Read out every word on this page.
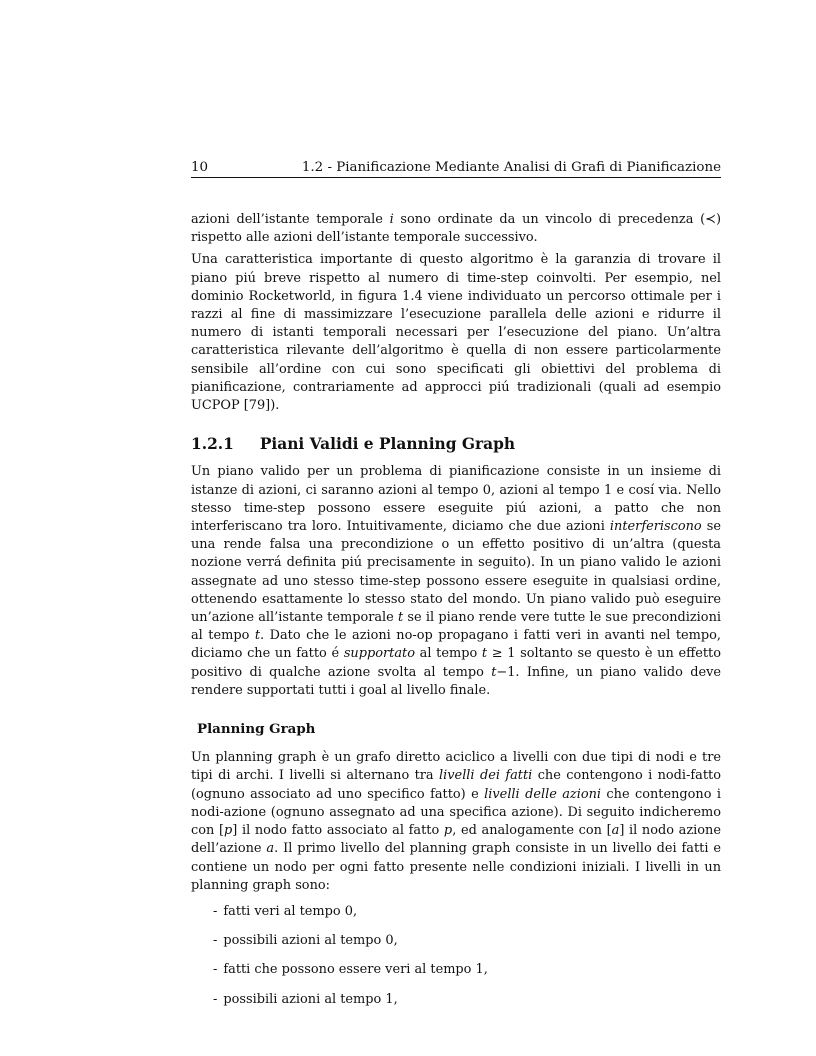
10	1.2 - Pianificazione Mediante Analisi di Grafi di Pianificazione

azioni dell’istante temporale i sono ordinate da un vincolo di precedenza (≺) rispetto alle azioni dell’istante temporale successivo.

Una caratteristica importante di questo algoritmo è la garanzia di trovare il piano piú breve rispetto al numero di time-step coinvolti. Per esempio, nel dominio Rocketworld, in figura 1.4 viene individuato un percorso ottimale per i razzi al fine di massimizzare l’esecuzione parallela delle azioni e ridurre il numero di istanti temporali necessari per l’esecuzione del piano. Un’altra caratteristica rilevante dell’algoritmo è quella di non essere particolarmente sensibile all’ordine con cui sono specificati gli obiettivi del problema di pianificazione, contrariamente ad approcci piú tradizionali (quali ad esempio UCPOP [79]).

1.2.1 Piani Validi e Planning Graph

Un piano valido per un problema di pianificazione consiste in un insieme di istanze di azioni, ci saranno azioni al tempo 0, azioni al tempo 1 e cosí via. Nello stesso time-step possono essere eseguite piú azioni, a patto che non interferiscano tra loro. Intuitivamente, diciamo che due azioni interferiscono se una rende falsa una precondizione o un effetto positivo di un’altra (questa nozione verrá definita piú precisamente in seguito). In un piano valido le azioni assegnate ad uno stesso time-step possono essere eseguite in qualsiasi ordine, ottenendo esattamente lo stesso stato del mondo. Un piano valido può eseguire un’azione all’istante temporale t se il piano rende vere tutte le sue precondizioni al tempo t. Dato che le azioni no-op propagano i fatti veri in avanti nel tempo, diciamo che un fatto é supportato al tempo t ≥ 1 soltanto se questo è un effetto positivo di qualche azione svolta al tempo t−1. Infine, un piano valido deve rendere supportati tutti i goal al livello finale.

Planning Graph

Un planning graph è un grafo diretto aciclico a livelli con due tipi di nodi e tre tipi di archi. I livelli si alternano tra livelli dei fatti che contengono i nodi-fatto (ognuno associato ad uno specifico fatto) e livelli delle azioni che contengono i nodi-azione (ognuno assegnato ad una specifica azione). Di seguito indicheremo con [p] il nodo fatto associato al fatto p, ed analogamente con [a] il nodo azione dell’azione a. Il primo livello del planning graph consiste in un livello dei fatti e contiene un nodo per ogni fatto presente nelle condizioni iniziali. I livelli in un planning graph sono:

- fatti veri al tempo 0,
- possibili azioni al tempo 0,
- fatti che possono essere veri al tempo 1,
- possibili azioni al tempo 1,
